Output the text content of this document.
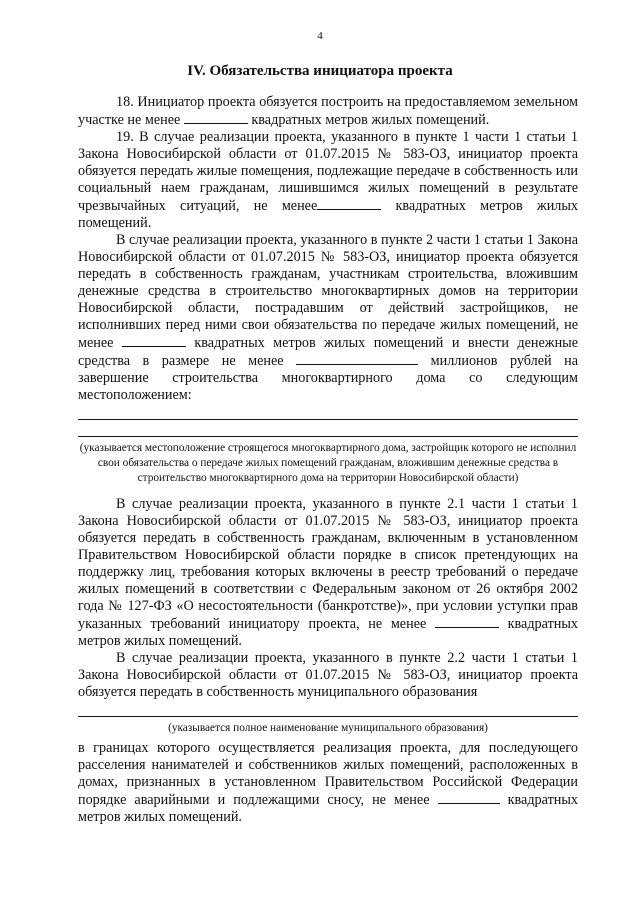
4
IV. Обязательства инициатора проекта

18. Инициатор проекта обязуется построить на предоставляемом земельном участке не менее	квадратных метров жилых помещений.

19. В случае реализации проекта, указанного в пункте 1 части 1 статьи 1 Закона Новосибирской области от 01.07.2015 № 583-ОЗ, инициатор проекта обязуется передать жилые помещения, подлежащие передаче в собственность или социальный наем гражданам, лишившимся жилых помещений в результате чрезвычайных ситуаций, не менее	квадратных метров жилых помещений.

В случае реализации проекта, указанного в пункте 2 части 1 статьи 1 Закона Новосибирской области от 01.07.2015 № 583-ОЗ, инициатор проекта обязуется передать в собственность гражданам, участникам строительства, вложившим денежные средства в строительство многоквартирных домов на территории Новосибирской области, пострадавшим от действий застройщиков, не исполнивших перед ними свои обязательства по передаче жилых помещений, не менее	квадратных метров жилых помещений и внести денежные средства в размере не менее	миллионов рублей на завершение строительства многоквартирного дома со следующим местоположением:

(указывается местоположение строящегося многоквартирного дома, застройщик которого не исполнил свои обязательства о передаче жилых помещений гражданам, вложившим денежные средства в строительство многоквартирного дома на территории Новосибирской области)

В случае реализации проекта, указанного в пункте 2.1 части 1 статьи 1 Закона Новосибирской области от 01.07.2015 № 583-ОЗ, инициатор проекта обязуется передать в собственность гражданам, включенным в установленном Правительством Новосибирской области порядке в список претендующих на поддержку лиц, требования которых включены в реестр требований о передаче жилых помещений в соответствии с Федеральным законом от 26 октября 2002 года № 127-ФЗ «О несостоятельности (банкротстве)», при условии уступки прав указанных требований инициатору проекта, не менее	квадратных метров жилых помещений.

В случае реализации проекта, указанного в пункте 2.2 части 1 статьи 1 Закона Новосибирской области от 01.07.2015 № 583-ОЗ, инициатор проекта обязуется передать в собственность муниципального образования

(указывается полное наименование муниципального образования)

в границах которого осуществляется реализация проекта, для последующего расселения нанимателей и собственников жилых помещений, расположенных в домах, признанных в установленном Правительством Российской Федерации порядке аварийными и подлежащими сносу, не менее	квадратных метров жилых помещений.
